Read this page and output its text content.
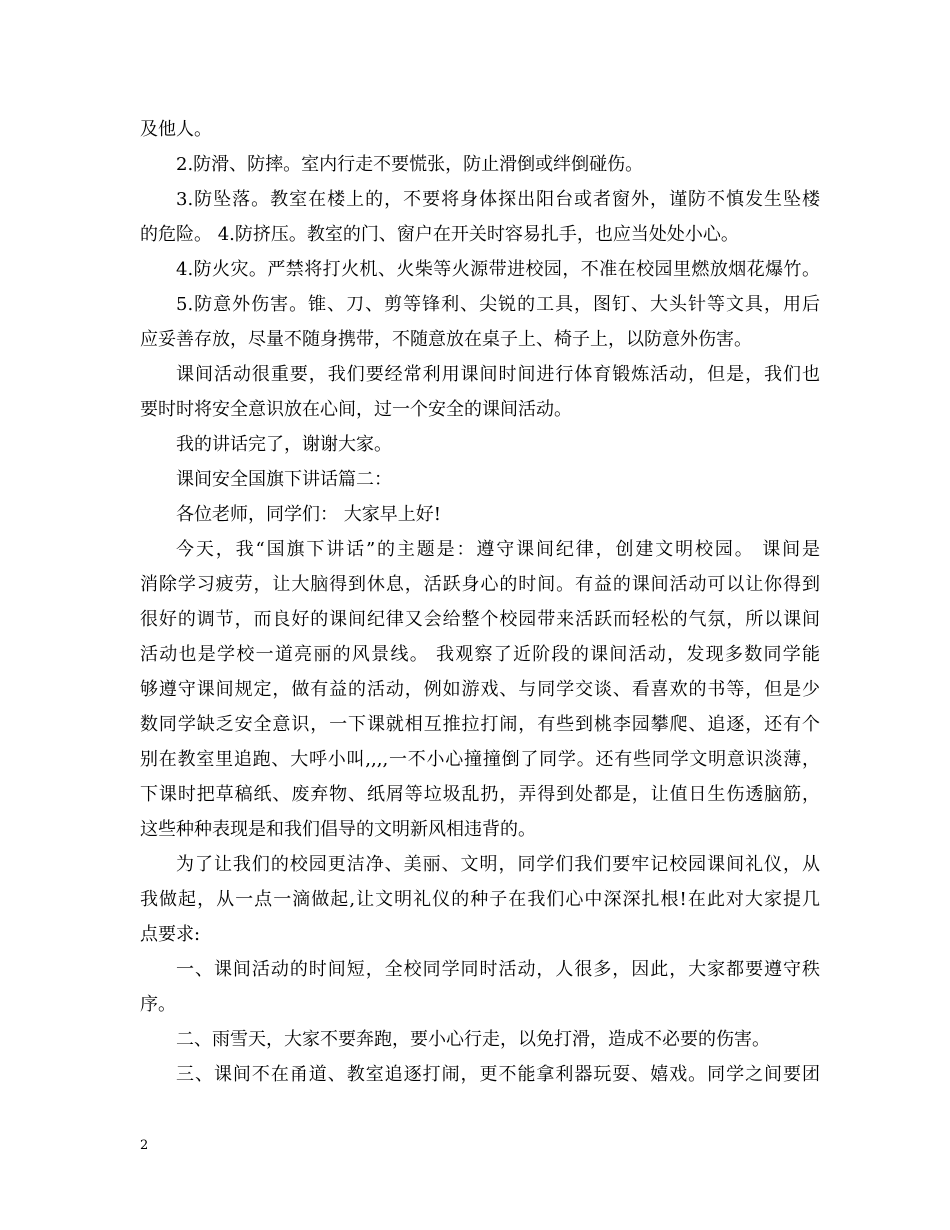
及他人。
2.防滑、防摔。室内行走不要慌张，防止滑倒或绊倒碰伤。
3.防坠落。教室在楼上的，不要将身体探出阳台或者窗外，谨防不慎发生坠楼
的危险。 4.防挤压。教室的门、窗户在开关时容易扎手，也应当处处小心。
4.防火灾。严禁将打火机、火柴等火源带进校园，不准在校园里燃放烟花爆竹。
5.防意外伤害。锥、刀、剪等锋利、尖锐的工具，图钉、大头针等文具，用后
应妥善存放，尽量不随身携带，不随意放在桌子上、椅子上，以防意外伤害。
课间活动很重要，我们要经常利用课间时间进行体育锻炼活动，但是，我们也
要时时将安全意识放在心间，过一个安全的课间活动。
我的讲话完了，谢谢大家。
课间安全国旗下讲话篇二：
各位老师，同学们： 大家早上好!
今天，我“国旗下讲话”的主题是：遵守课间纪律，创建文明校园。 课间是
消除学习疲劳，让大脑得到休息，活跃身心的时间。有益的课间活动可以让你得到
很好的调节，而良好的课间纪律又会给整个校园带来活跃而轻松的气氛，所以课间
活动也是学校一道亮丽的风景线。 我观察了近阶段的课间活动，发现多数同学能
够遵守课间规定，做有益的活动，例如游戏、与同学交谈、看喜欢的书等，但是少
数同学缺乏安全意识，一下课就相互推拉打闹，有些到桃李园攀爬、追逐，还有个
别在教室里追跑、大呼小叫,,,,一不小心撞撞倒了同学。还有些同学文明意识淡薄，
下课时把草稿纸、废弃物、纸屑等垃圾乱扔，弄得到处都是，让值日生伤透脑筋，
这些种种表现是和我们倡导的文明新风相违背的。
为了让我们的校园更洁净、美丽、文明，同学们我们要牢记校园课间礼仪，从
我做起，从一点一滴做起,让文明礼仪的种子在我们心中深深扎根!在此对大家提几
点要求:
一、课间活动的时间短，全校同学同时活动，人很多，因此，大家都要遵守秩
序。
二、雨雪天，大家不要奔跑，要小心行走，以免打滑，造成不必要的伤害。
三、课间不在甬道、教室追逐打闹，更不能拿利器玩耍、嬉戏。同学之间要团
2
